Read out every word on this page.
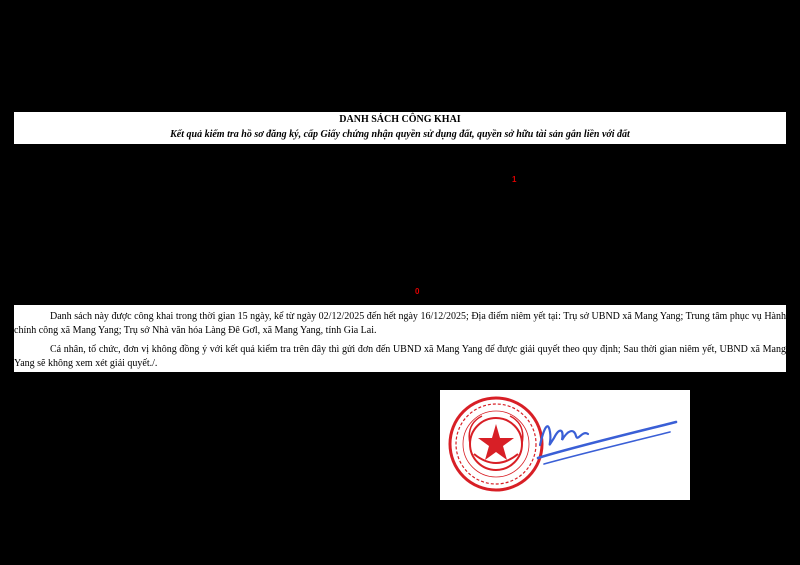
DANH SÁCH CÔNG KHAI

Kết quả kiểm tra hồ sơ đăng ký, cấp Giấy chứng nhận quyền sử dụng đất, quyền sở hữu tài sản gắn liền với đất

1
0

Danh sách này được công khai trong thời gian 15 ngày, kể từ ngày 02/12/2025 đến hết ngày 16/12/2025; Địa điểm niêm yết tại: Trụ sở UBND xã Mang Yang; Trung tâm phục vụ Hành chính công xã Mang Yang; Trụ sở Nhà văn hóa Làng Đê Gơl, xã Mang Yang, tỉnh Gia Lai.

Cá nhân, tổ chức, đơn vị không đồng ý với kết quả kiểm tra trên đây thì gửi đơn đến UBND xã Mang Yang để được giải quyết theo quy định; Sau thời gian niêm yết, UBND xã Mang Yang sẽ không xem xét giải quyết./.
